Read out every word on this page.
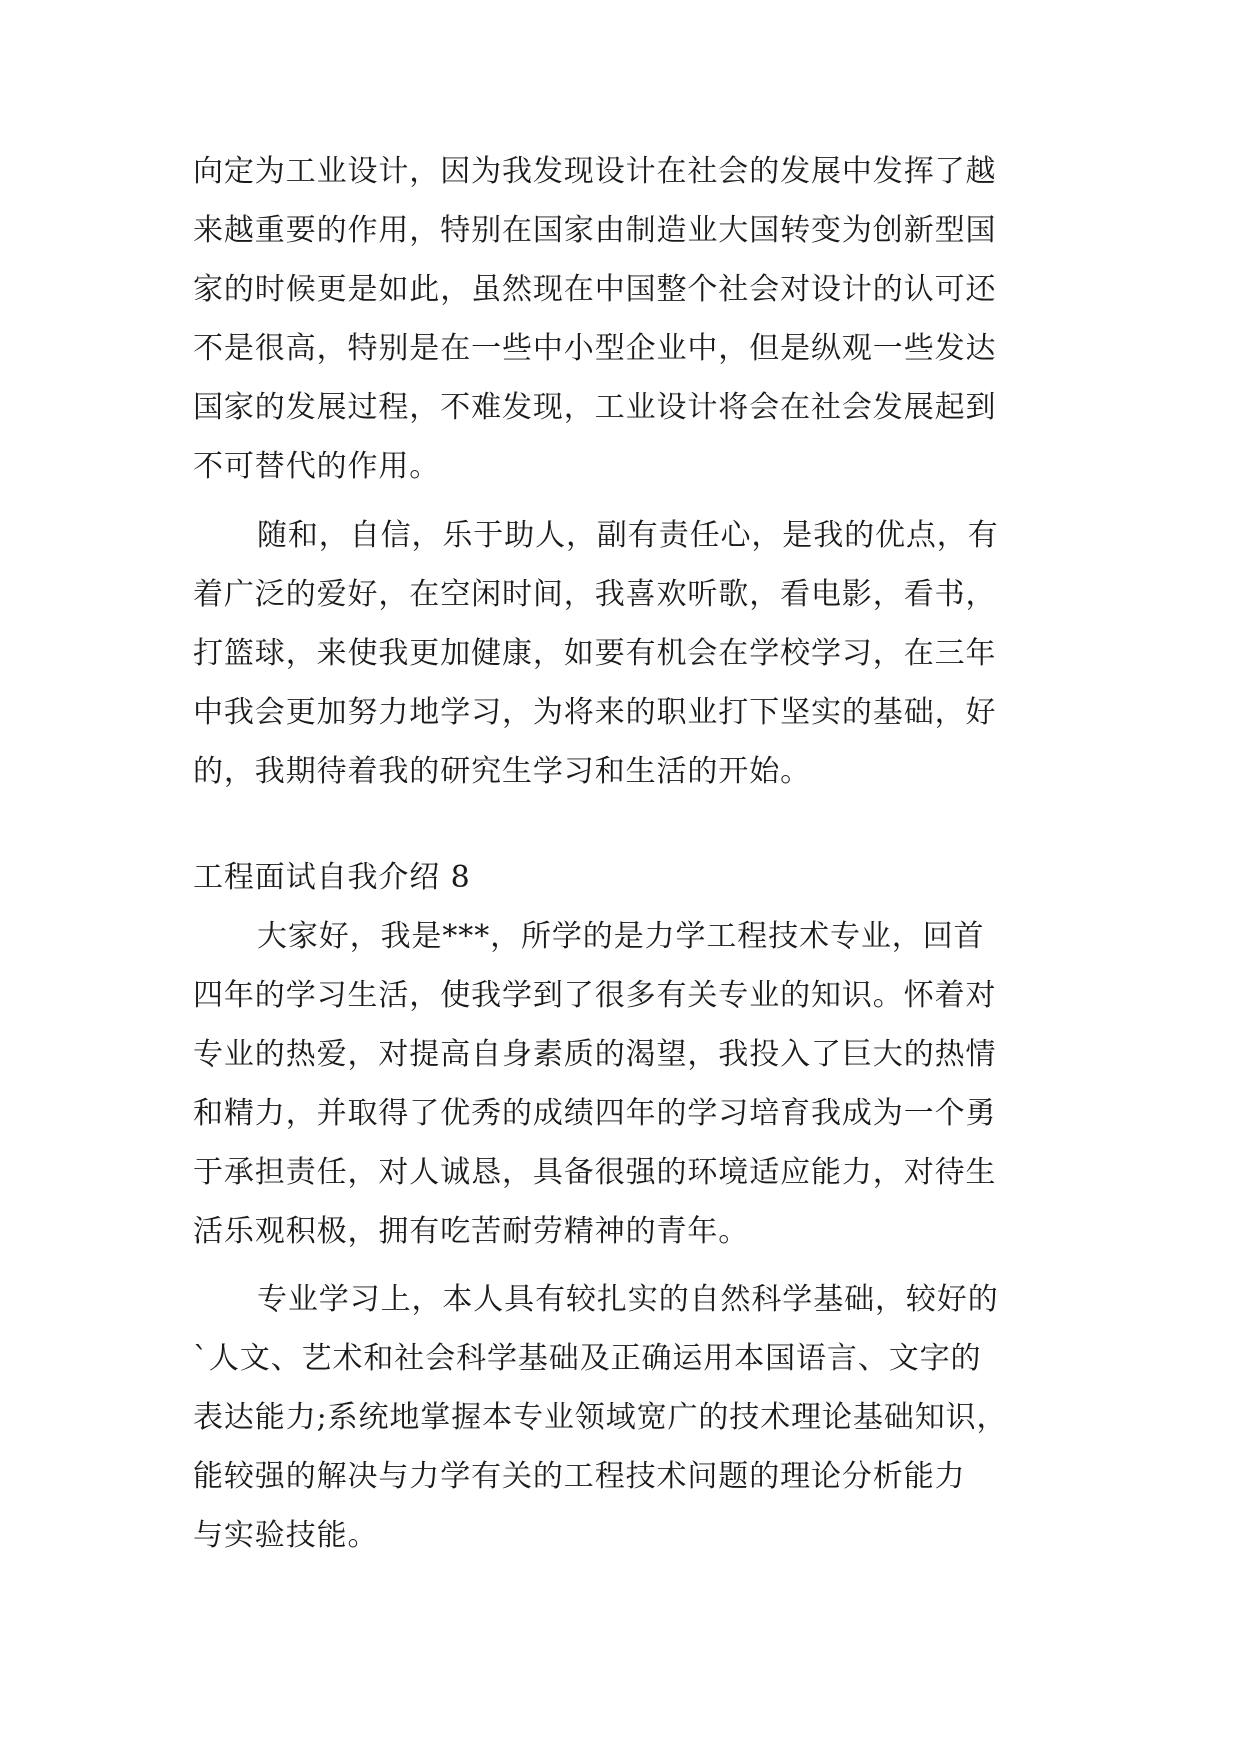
向定为工业设计，因为我发现设计在社会的发展中发挥了越
来越重要的作用，特别在国家由制造业大国转变为创新型国
家的时候更是如此，虽然现在中国整个社会对设计的认可还
不是很高，特别是在一些中小型企业中，但是纵观一些发达
国家的发展过程，不难发现，工业设计将会在社会发展起到
不可替代的作用。
随和，自信，乐于助人，副有责任心，是我的优点，有
着广泛的爱好，在空闲时间，我喜欢听歌，看电影，看书，
打篮球，来使我更加健康，如要有机会在学校学习，在三年
中我会更加努力地学习，为将来的职业打下坚实的基础，好
的，我期待着我的研究生学习和生活的开始。
工程面试自我介绍 8
大家好，我是***，所学的是力学工程技术专业，回首
四年的学习生活，使我学到了很多有关专业的知识。怀着对
专业的热爱，对提高自身素质的渴望，我投入了巨大的热情
和精力，并取得了优秀的成绩四年的学习培育我成为一个勇
于承担责任，对人诚恳，具备很强的环境适应能力，对待生
活乐观积极，拥有吃苦耐劳精神的青年。
专业学习上，本人具有较扎实的自然科学基础，较好的
`人文、艺术和社会科学基础及正确运用本国语言、文字的
表达能力;系统地掌握本专业领域宽广的技术理论基础知识，
能较强的解决与力学有关的工程技术问题的理论分析能力
与实验技能。
